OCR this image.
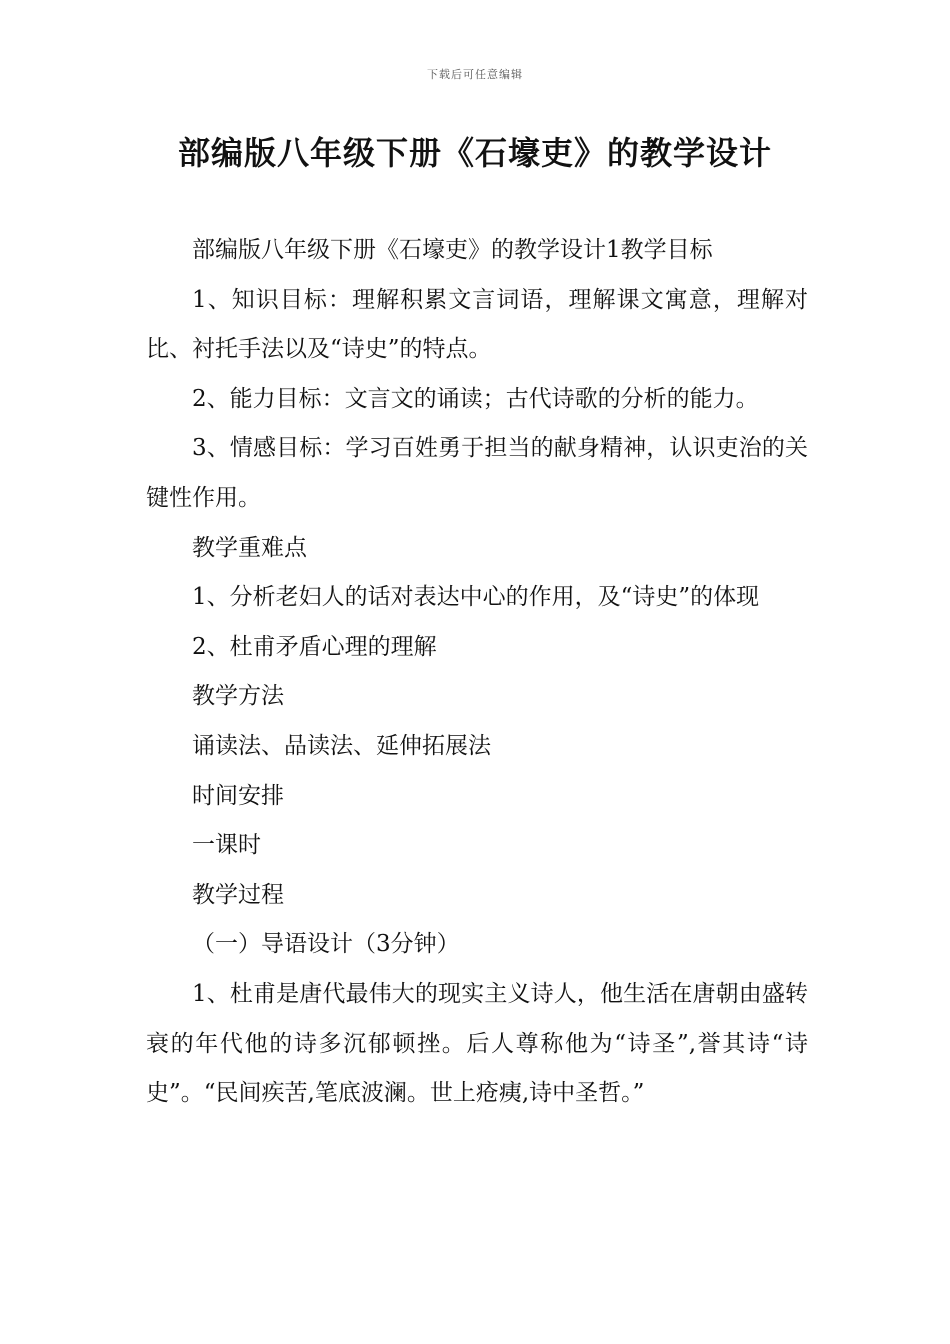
下载后可任意编辑
部编版八年级下册《石壕吏》的教学设计

部编版八年级下册《石壕吏》的教学设计1教学目标

1、知识目标：理解积累文言词语，理解课文寓意，理解对比、衬托手法以及“诗史”的特点。

2、能力目标：文言文的诵读；古代诗歌的分析的能力。

3、情感目标：学习百姓勇于担当的献身精神，认识吏治的关键性作用。

教学重难点

1、分析老妇人的话对表达中心的作用，及“诗史”的体现

2、杜甫矛盾心理的理解

教学方法

诵读法、品读法、延伸拓展法

时间安排

一课时

教学过程

（一）导语设计（3分钟）

1、杜甫是唐代最伟大的现实主义诗人，他生活在唐朝由盛转衰的年代他的诗多沉郁顿挫。后人尊称他为“诗圣”,誉其诗“诗史”。“民间疾苦,笔底波澜。世上疮痍,诗中圣哲。”
